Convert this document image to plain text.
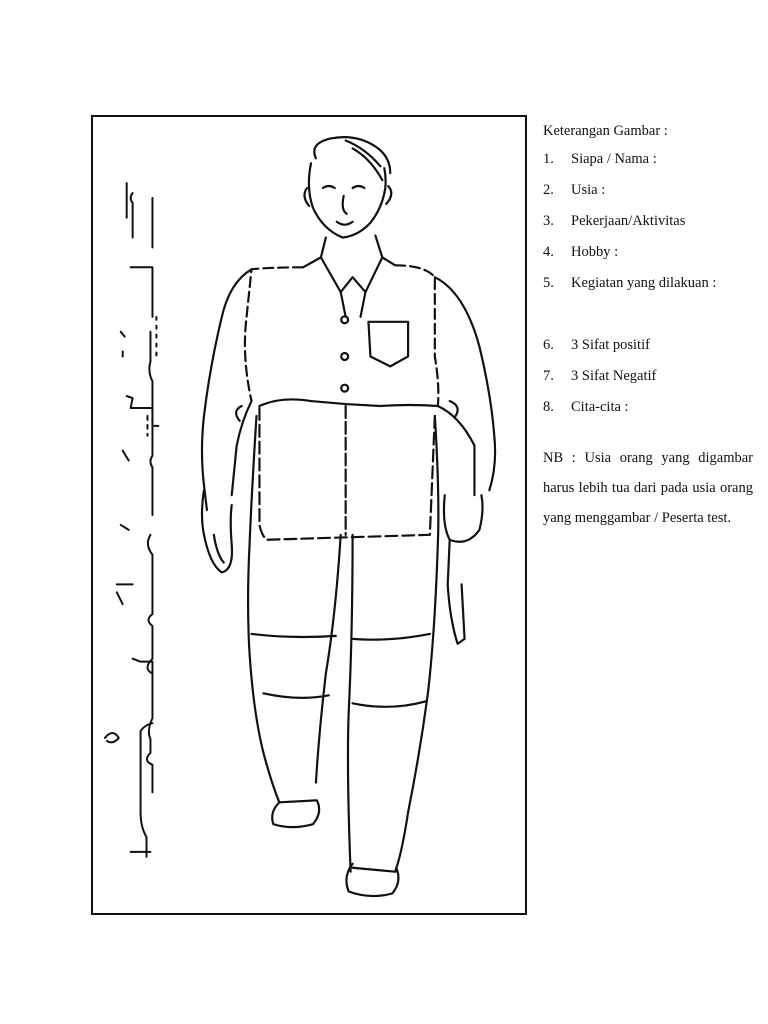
Keterangan Gambar :
1.	Siapa / Nama :
2.	Usia :
3.	Pekerjaan/Aktivitas
4.	Hobby :
5.	Kegiatan yang dilakuan :
6.	3 Sifat positif
7.	3 Sifat Negatif
8.	Cita-cita :
NB : Usia orang yang digambar harus lebih tua dari pada usia orang yang menggambar / Peserta test.
